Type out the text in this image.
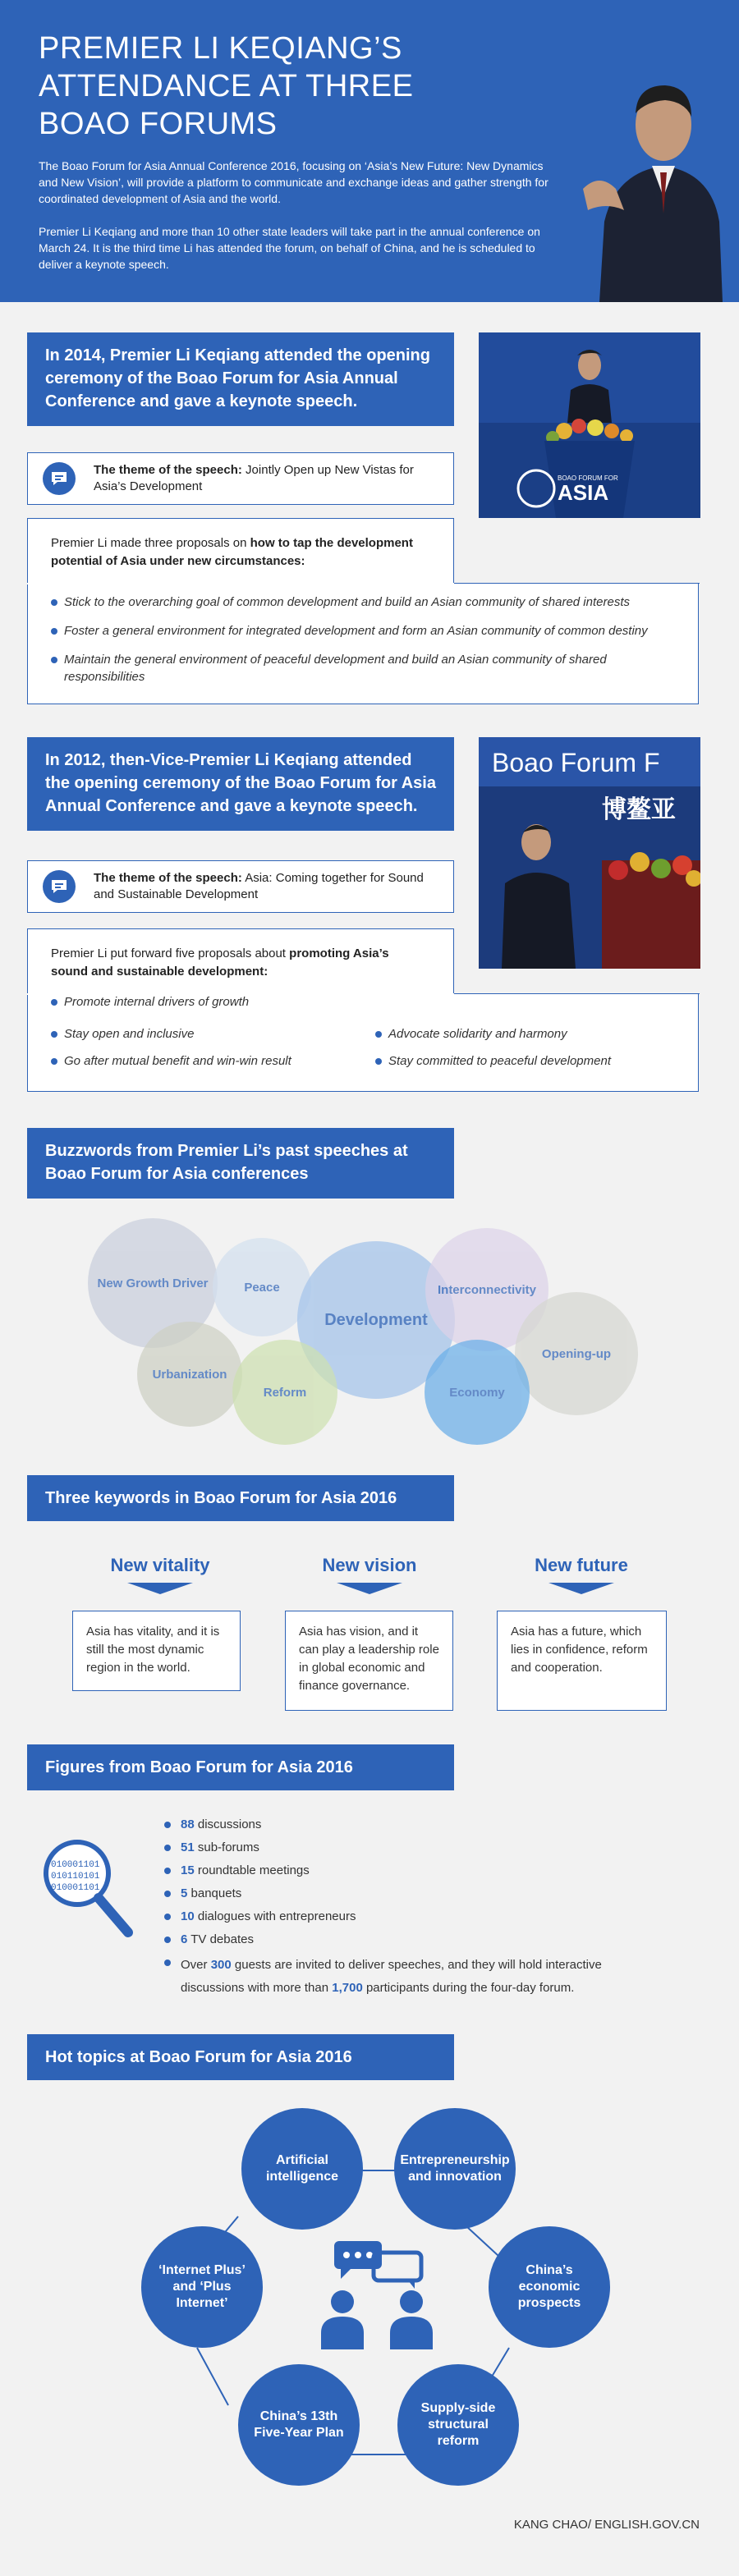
PREMIER LI KEQIANG’S ATTENDANCE AT THREE BOAO FORUMS

The Boao Forum for Asia Annual Conference 2016, focusing on ‘Asia’s New Future: New Dynamics and New Vision’, will provide a platform to communicate and exchange ideas and gather strength for coordinated development of Asia and the world.

Premier Li Keqiang and more than 10 other state leaders will take part in the annual conference on March 24. It is the third time Li has attended the forum, on behalf of China, and he is scheduled to deliver a keynote speech.

In 2014, Premier Li Keqiang attended the opening ceremony of the Boao Forum for Asia Annual Conference and gave a keynote speech.
BOAO FORUM FOR
ASIA
The theme of the speech: Jointly Open up New Vistas for Asia’s Development
Premier Li made three proposals on how to tap the development potential of Asia under new circumstances:
Stick to the overarching goal of common development and build an Asian community of shared interests
Foster a general environment for integrated development and form an Asian community of common destiny
Maintain the general environment of peaceful development and build an Asian community of shared responsibilities
In 2012, then-Vice-Premier Li Keqiang attended the opening ceremony of the Boao Forum for Asia Annual Conference and gave a keynote speech.
Boao Forum F
博鳌亚
The theme of the speech: Asia: Coming together for Sound and Sustainable Development
Premier Li put forward five proposals about promoting Asia’s sound and sustainable development:
Promote internal drivers of growth
Stay open and inclusive	Advocate solidarity and harmony
Go after mutual benefit and win-win result	Stay committed to peaceful development
Buzzwords from Premier Li’s past speeches at Boao Forum for Asia conferences
New Growth Driver	Peace
Development
Interconnectivity
Opening-up
Urbanization
Reform	Economy
Three keywords in Boao Forum for Asia 2016
New vitality
Asia has vitality, and it is still the most dynamic region in the world.
New vision
Asia has vision, and it can play a leadership role in global economic and finance governance.
New future
Asia has a future, which lies in confidence, reform and cooperation.
Figures from Boao Forum for Asia 2016
010001101
010110101
010001101
88 discussions
51 sub-forums
15 roundtable meetings
5 banquets
10 dialogues with entrepreneurs
6 TV debates
Over 300 guests are invited to deliver speeches, and they will hold interactive discussions with more than 1,700 participants during the four-day forum.
Hot topics at Boao Forum for Asia 2016
Artificial intelligence
Entrepreneurship and innovation
‘Internet Plus’ and ‘Plus Internet’
China’s economic prospects
China’s 13th Five-Year Plan
Supply-side structural reform
KANG CHAO/ ENGLISH.GOV.CN
